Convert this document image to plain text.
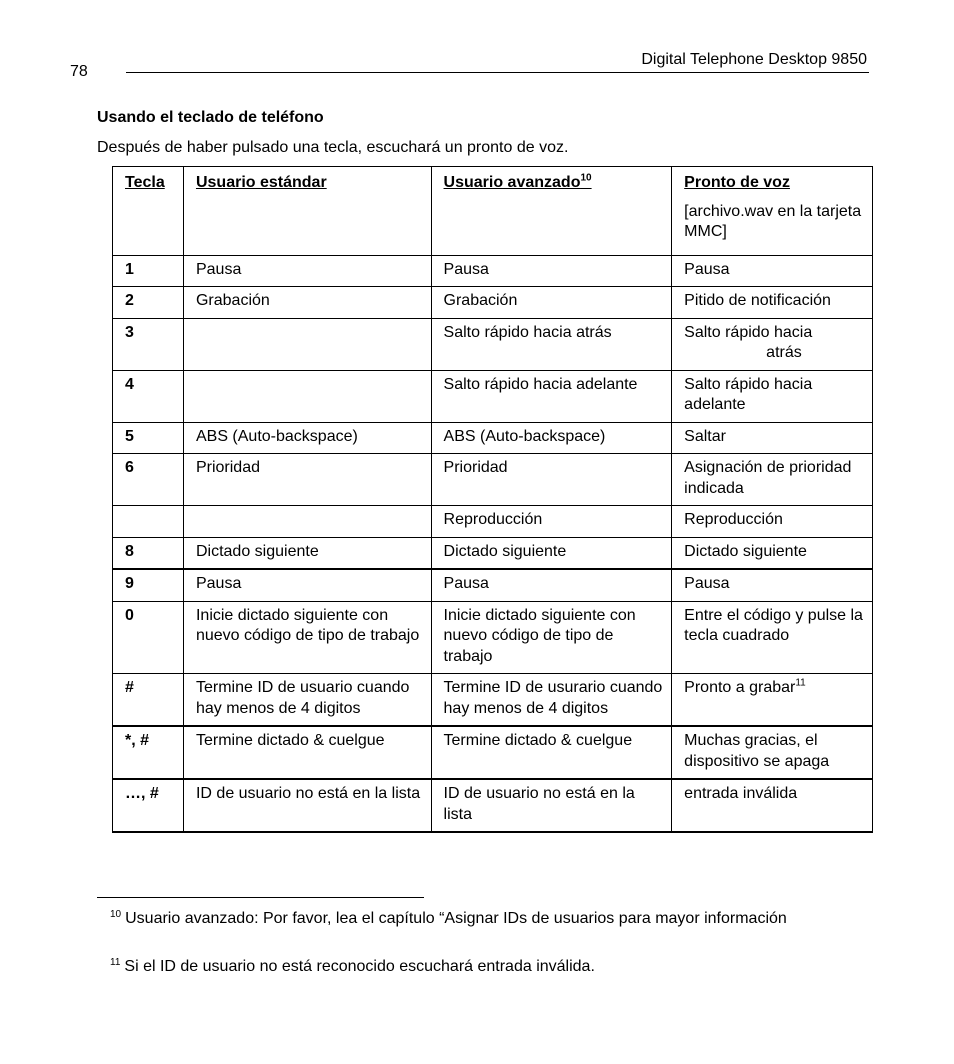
78
Digital Telephone Desktop 9850
Usando el teclado de teléfono
Después de haber pulsado una tecla, escuchará un pronto de voz.
Tecla	Usuario estándar	Usuario avanzado$^{10}$	Pronto de voz
[archivo.wav en la tarjeta MMC]

1	Pausa	Pausa	Pausa
2	Grabación	Grabación	Pitido de notificación
3		Salto rápido hacia atrás	Salto rápido hacia
atrás

4		Salto rápido hacia adelante	Salto rápido hacia adelante
5	ABS (Auto-backspace)	ABS (Auto-backspace)	Saltar
6	Prioridad	Prioridad	Asignación de prioridad indicada
		Reproducción	Reproducción
8	Dictado siguiente	Dictado siguiente	Dictado siguiente
9	Pausa	Pausa	Pausa
0	Inicie dictado siguiente con nuevo código de tipo de trabajo	Inicie dictado siguiente con nuevo código de tipo de trabajo	Entre el código y pulse la tecla cuadrado
#	Termine ID de usuario cuando hay menos de 4 digitos	Termine ID de usurario cuando hay menos de 4 digitos	Pronto a grabar$^{11}$
*, #	Termine dictado & cuelgue	Termine dictado & cuelgue	Muchas gracias, el dispositivo se apaga
…, #	ID de usuario no está en la lista	ID de usuario no está en la lista	entrada inválida
$^{10}$ Usuario avanzado: Por favor, lea el capítulo “Asignar IDs de usuarios para mayor información
$^{11}$ Si el ID de usuario no está reconocido escuchará entrada inválida.
